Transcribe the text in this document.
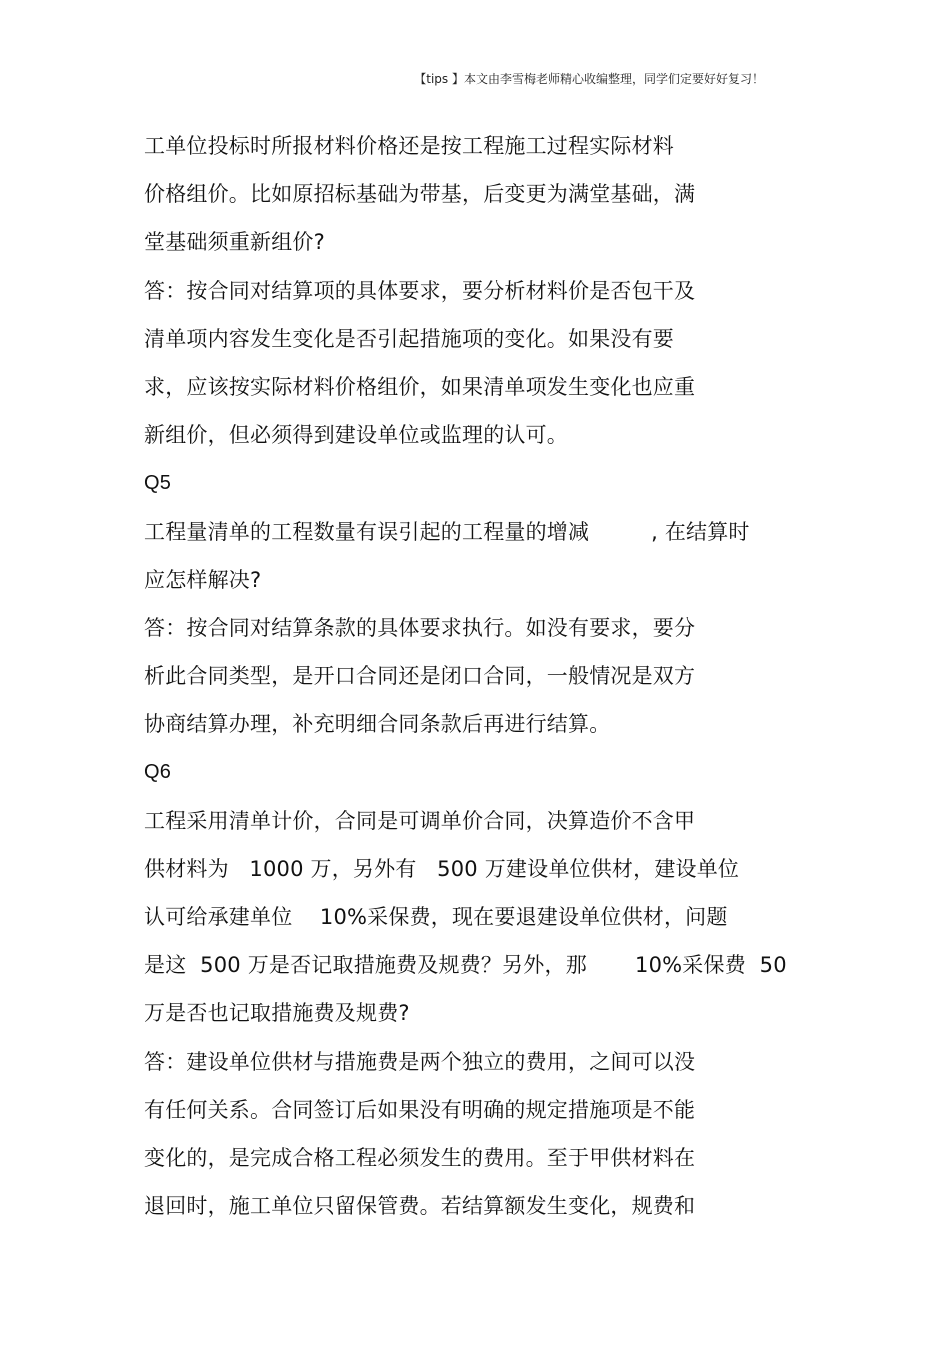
【tips 】本文由李雪梅老师精心收编整理，同学们定要好好复习！
工单位投标时所报材料价格还是按工程施工过程实际材料
价格组价。比如原招标基础为带基，后变更为满堂基础，满
堂基础须重新组价?
答：按合同对结算项的具体要求，要分析材料价是否包干及
清单项内容发生变化是否引起措施项的变化。如果没有要
求，应该按实际材料价格组价，如果清单项发生变化也应重
新组价，但必须得到建设单位或监理的认可。
Q5
工程量清单的工程数量有误引起的工程量的增减         , 在结算时
应怎样解决?
答：按合同对结算条款的具体要求执行。如没有要求，要分
析此合同类型，是开口合同还是闭口合同，一般情况是双方
协商结算办理，补充明细合同条款后再进行结算。
Q6
工程采用清单计价，合同是可调单价合同，决算造价不含甲
供材料为   1000 万，另外有   500 万建设单位供材，建设单位
认可给承建单位    10%采保费，现在要退建设单位供材，问题
是这  500 万是否记取措施费及规费？另外，那       10%采保费  50
万是否也记取措施费及规费?
答：建设单位供材与措施费是两个独立的费用，之间可以没
有任何关系。合同签订后如果没有明确的规定措施项是不能
变化的，是完成合格工程必须发生的费用。至于甲供材料在
退回时，施工单位只留保管费。若结算额发生变化，规费和
